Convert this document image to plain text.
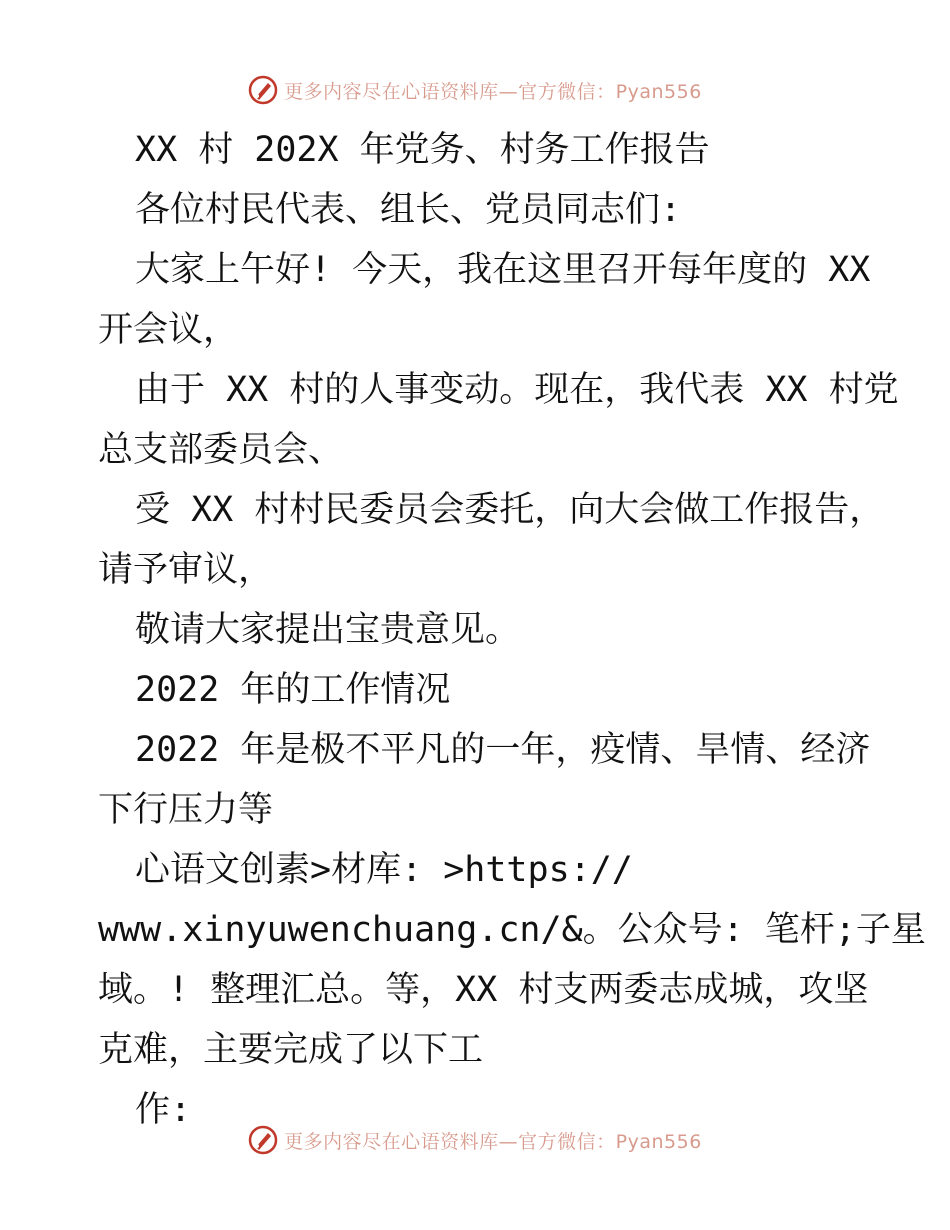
更多内容尽在心语资料库—官方微信：Pyan556
XX 村 202X 年党务、村务工作报告
各位村民代表、组长、党员同志们:
大家上午好! 今天，我在这里召开每年度的 XX
开会议，
由于 XX 村的人事变动。现在，我代表 XX 村党
总支部委员会、
受 XX 村村民委员会委托，向大会做工作报告，
请予审议，
敬请大家提出宝贵意见。
2022 年的工作情况
2022 年是极不平凡的一年，疫情、旱情、经济
下行压力等
心语文创素>材库: >https://
www.xinyuwenchuang.cn/&。公众号: 笔杆;子星
域。! 整理汇总。等，XX 村支两委志成城，攻坚
克难，主要完成了以下工
作:
更多内容尽在心语资料库—官方微信：Pyan556
